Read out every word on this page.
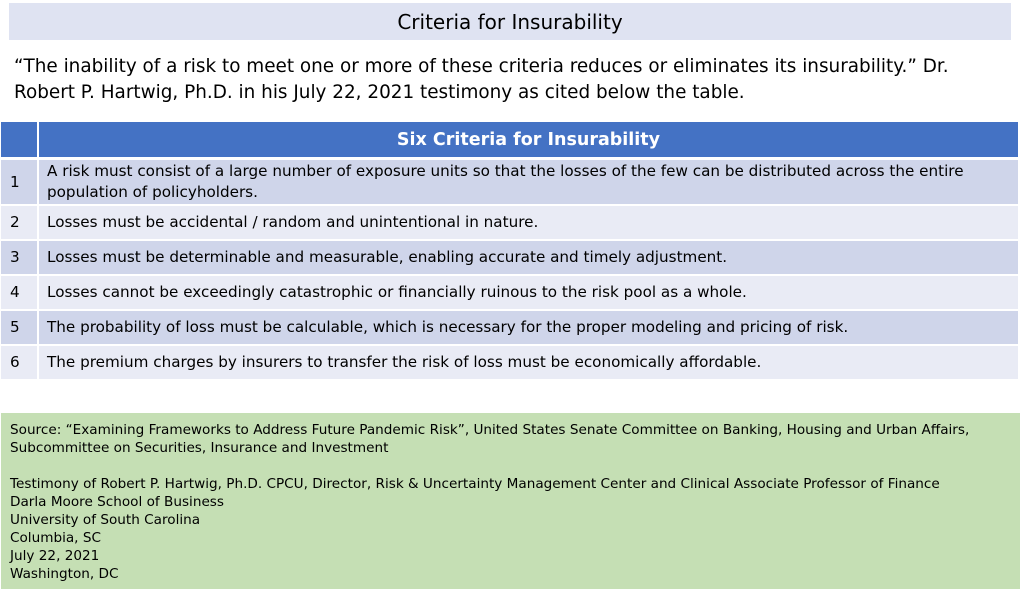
Criteria for Insurability
“The inability of a risk to meet one or more of these criteria reduces or eliminates its insurability.” Dr. Robert P. Hartwig, Ph.D. in his July 22, 2021 testimony as cited below the table.
	Six Criteria for Insurability
1	A risk must consist of a large number of exposure units so that the losses of the few can be distributed across the entire population of policyholders.
2	Losses must be accidental / random and unintentional in nature.
3	Losses must be determinable and measurable, enabling accurate and timely adjustment.
4	Losses cannot be exceedingly catastrophic or financially ruinous to the risk pool as a whole.
5	The probability of loss must be calculable, which is necessary for the proper modeling and pricing of risk.
6	The premium charges by insurers to transfer the risk of loss must be economically affordable.
Source: “Examining Frameworks to Address Future Pandemic Risk”, United States Senate Committee on Banking, Housing and Urban Affairs,
Subcommittee on Securities, Insurance and Investment
Testimony of Robert P. Hartwig, Ph.D. CPCU, Director, Risk & Uncertainty Management Center and Clinical Associate Professor of Finance
Darla Moore School of Business
University of South Carolina
Columbia, SC
July 22, 2021
Washington, DC
